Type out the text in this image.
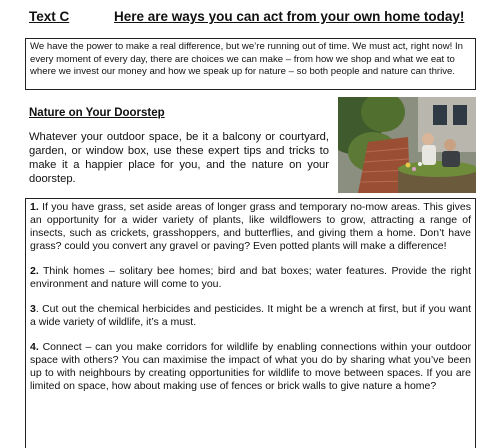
Text C	Here are ways you can act from your own home today!
We have the power to make a real difference, but we’re running out of time. We must act, right now! In every moment of every day, there are choices we can make – from how we shop and what we eat to where we invest our money and how we speak up for nature – so both people and nature can thrive.
Nature on Your Doorstep
Whatever your outdoor space, be it a balcony or courtyard, garden, or window box, use these expert tips and tricks to make it a happier place for you, and the nature on your doorstep.

1. If you have grass, set aside areas of longer grass and temporary no-mow areas. This gives an opportunity for a wider variety of plants, like wildflowers to grow, attracting a range of insects, such as crickets, grasshoppers, and butterflies, and giving them a home. Don’t have grass? could you convert any gravel or paving? Even potted plants will make a difference!

2. Think homes – solitary bee homes; bird and bat boxes; water features. Provide the right environment and nature will come to you.

3. Cut out the chemical herbicides and pesticides. It might be a wrench at first, but if you want a wide variety of wildlife, it’s a must.

4. Connect – can you make corridors for wildlife by enabling connections within your outdoor space with others? You can maximise the impact of what you do by sharing what you’ve been up to with neighbours by creating opportunities for wildlife to move between spaces. If you are limited on space, how about making use of fences or brick walls to give nature a home?
